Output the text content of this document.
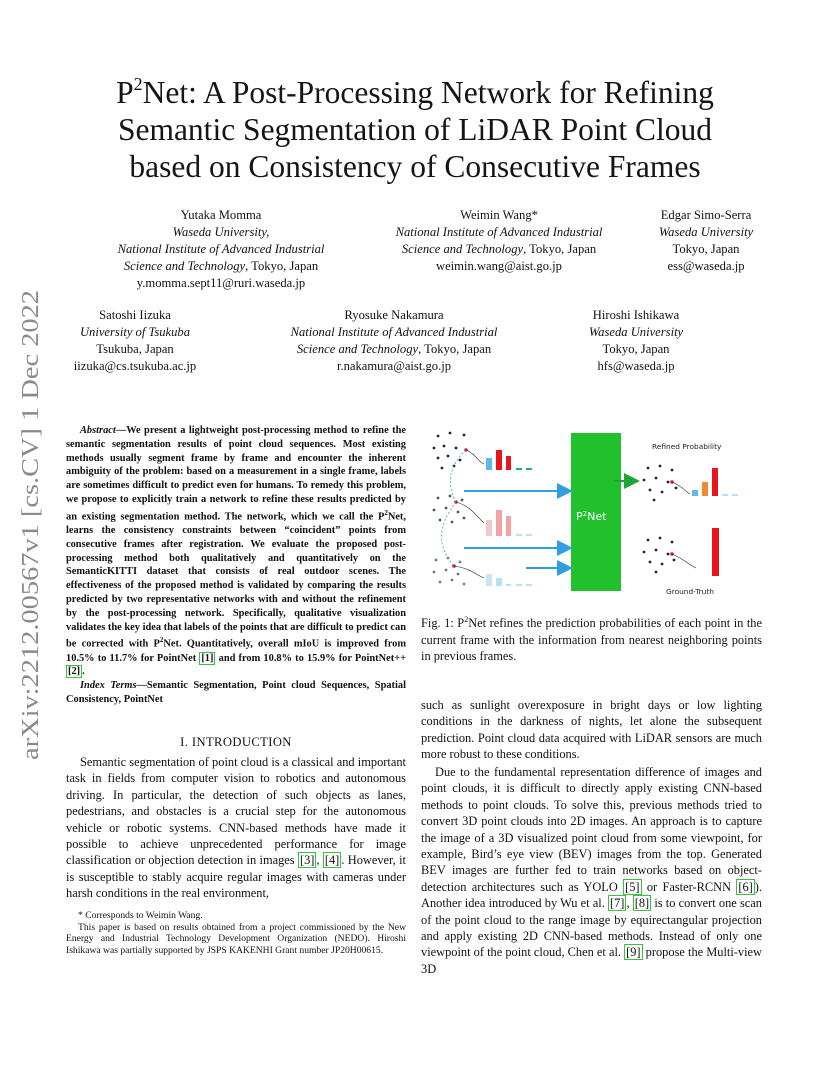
arXiv:2212.00567v1 [cs.CV] 1 Dec 2022
$P^2Net$: A Post-Processing Network for Refining
Semantic Segmentation of LiDAR Point Cloud
based on Consistency of Consecutive Frames
Yutaka Momma
Waseda University,
National Institute of Advanced Industrial
Science and Technology, Tokyo, Japan
y.momma.sept11@ruri.waseda.jp
Weimin Wang*
National Institute of Advanced Industrial
Science and Technology, Tokyo, Japan
weimin.wang@aist.go.jp
Edgar Simo-Serra
Waseda University
Tokyo, Japan
ess@waseda.jp
Satoshi Iizuka
University of Tsukuba
Tsukuba, Japan
iizuka@cs.tsukuba.ac.jp
Ryosuke Nakamura
National Institute of Advanced Industrial
Science and Technology, Tokyo, Japan
r.nakamura@aist.go.jp
Hiroshi Ishikawa
Waseda University
Tokyo, Japan
hfs@waseda.jp
Abstract—We present a lightweight post-processing method to refine the semantic segmentation results of point cloud sequences. Most existing methods usually segment frame by frame and encounter the inherent ambiguity of the problem: based on a measurement in a single frame, labels are sometimes difficult to predict even for humans. To remedy this problem, we propose to explicitly train a network to refine these results predicted by an existing segmentation method. The network, which we call the $P^2Net$, learns the consistency constraints between “coincident” points from consecutive frames after registration. We evaluate the proposed post-processing method both qualitatively and quantitatively on the SemanticKITTI dataset that consists of real outdoor scenes. The effectiveness of the proposed method is validated by comparing the results predicted by two representative networks with and without the refinement by the post-processing network. Specifically, qualitative visualization validates the key idea that labels of the points that are difficult to predict can be corrected with $P^2Net$. Quantitatively, overall mIoU is improved from 10.5% to 11.7% for PointNet [1] and from 10.8% to 15.9% for PointNet++ [2] .
Index Terms—Semantic Segmentation, Point cloud Sequences, Spatial Consistency, PointNet
I. INTRODUCTION
Semantic segmentation of point cloud is a classical and important task in fields from computer vision to robotics and autonomous driving. In particular, the detection of such objects as lanes, pedestrians, and obstacles is a crucial step for the autonomous vehicle or robotic systems. CNN-based methods have made it possible to achieve unprecedented performance for image classification or objection detection in images [3] , [4] . However, it is susceptible to stably acquire regular images with cameras under harsh conditions in the real environment,

* Corresponds to Weimin Wang.

This paper is based on results obtained from a project commissioned by the New Energy and Industrial Technology Development Organization (NEDO). Hiroshi Ishikawa was partially supported by JSPS KAKENHI Grant number JP20H00615.

$P^2Net$
Refined Probability
Ground-Truth
Fig. 1: $P^2Net$ refines the prediction probabilities of each point in the current frame with the information from nearest neighboring points in previous frames.
such as sunlight overexposure in bright days or low lighting conditions in the darkness of nights, let alone the subsequent prediction. Point cloud data acquired with LiDAR sensors are much more robust to these conditions.
Due to the fundamental representation difference of images and point clouds, it is difficult to directly apply existing CNN-based methods to point clouds. To solve this, previous methods tried to convert 3D point clouds into 2D images. An approach is to capture the image of a 3D visualized point cloud from some viewpoint, for example, Bird’s eye view (BEV) images from the top. Generated BEV images are further fed to train networks based on object-detection architectures such as YOLO [5] or Faster-RCNN [6] ). Another idea introduced by Wu et al. [7] , [8] is to convert one scan of the point cloud to the range image by equirectangular projection and apply existing 2D CNN-based methods. Instead of only one viewpoint of the point cloud, Chen et al. [9] propose the Multi-view 3D
